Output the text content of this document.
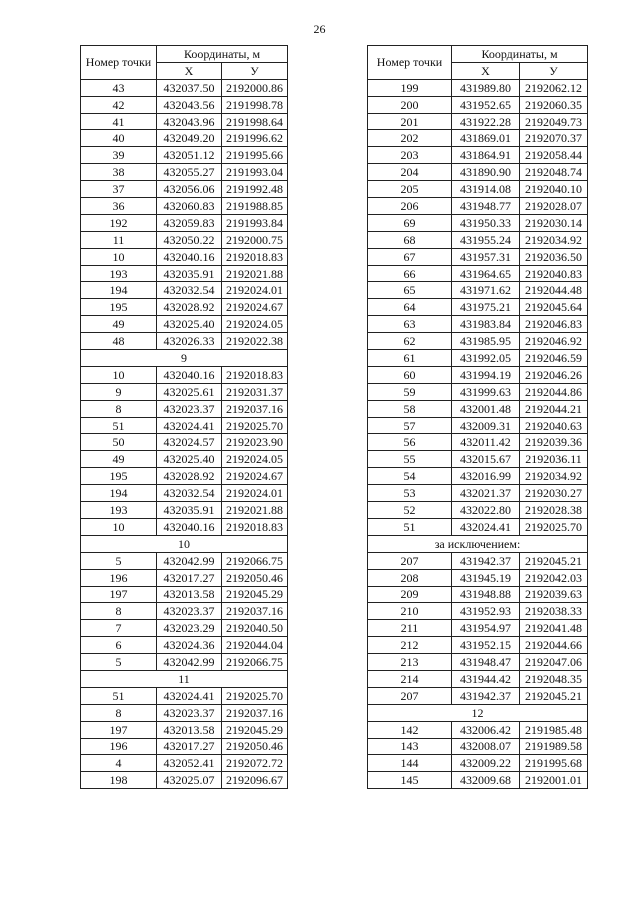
26
Номер точки	Координаты, м	
	X	У
43	432037.50	2192000.86
42	432043.56	2191998.78
41	432043.96	2191998.64
40	432049.20	2191996.62
39	432051.12	2191995.66
38	432055.27	2191993.04
37	432056.06	2191992.48
36	432060.83	2191988.85
192	432059.83	2191993.84
11	432050.22	2192000.75
10	432040.16	2192018.83
193	432035.91	2192021.88
194	432032.54	2192024.01
195	432028.92	2192024.67
49	432025.40	2192024.05
48	432026.33	2192022.38
9		
10	432040.16	2192018.83
9	432025.61	2192031.37
8	432023.37	2192037.16
51	432024.41	2192025.70
50	432024.57	2192023.90
49	432025.40	2192024.05
195	432028.92	2192024.67
194	432032.54	2192024.01
193	432035.91	2192021.88
10	432040.16	2192018.83
10		
5	432042.99	2192066.75
196	432017.27	2192050.46
197	432013.58	2192045.29
8	432023.37	2192037.16
7	432023.29	2192040.50
6	432024.36	2192044.04
5	432042.99	2192066.75
11		
51	432024.41	2192025.70
8	432023.37	2192037.16
197	432013.58	2192045.29
196	432017.27	2192050.46
4	432052.41	2192072.72
198	432025.07	2192096.67
Номер точки	Координаты, м	
	X	У
199	431989.80	2192062.12
200	431952.65	2192060.35
201	431922.28	2192049.73
202	431869.01	2192070.37
203	431864.91	2192058.44
204	431890.90	2192048.74
205	431914.08	2192040.10
206	431948.77	2192028.07
69	431950.33	2192030.14
68	431955.24	2192034.92
67	431957.31	2192036.50
66	431964.65	2192040.83
65	431971.62	2192044.48
64	431975.21	2192045.64
63	431983.84	2192046.83
62	431985.95	2192046.92
61	431992.05	2192046.59
60	431994.19	2192046.26
59	431999.63	2192044.86
58	432001.48	2192044.21
57	432009.31	2192040.63
56	432011.42	2192039.36
55	432015.67	2192036.11
54	432016.99	2192034.92
53	432021.37	2192030.27
52	432022.80	2192028.38
51	432024.41	2192025.70
за исключением:		
207	431942.37	2192045.21
208	431945.19	2192042.03
209	431948.88	2192039.63
210	431952.93	2192038.33
211	431954.97	2192041.48
212	431952.15	2192044.66
213	431948.47	2192047.06
214	431944.42	2192048.35
207	431942.37	2192045.21
12		
142	432006.42	2191985.48
143	432008.07	2191989.58
144	432009.22	2191995.68
145	432009.68	2192001.01
